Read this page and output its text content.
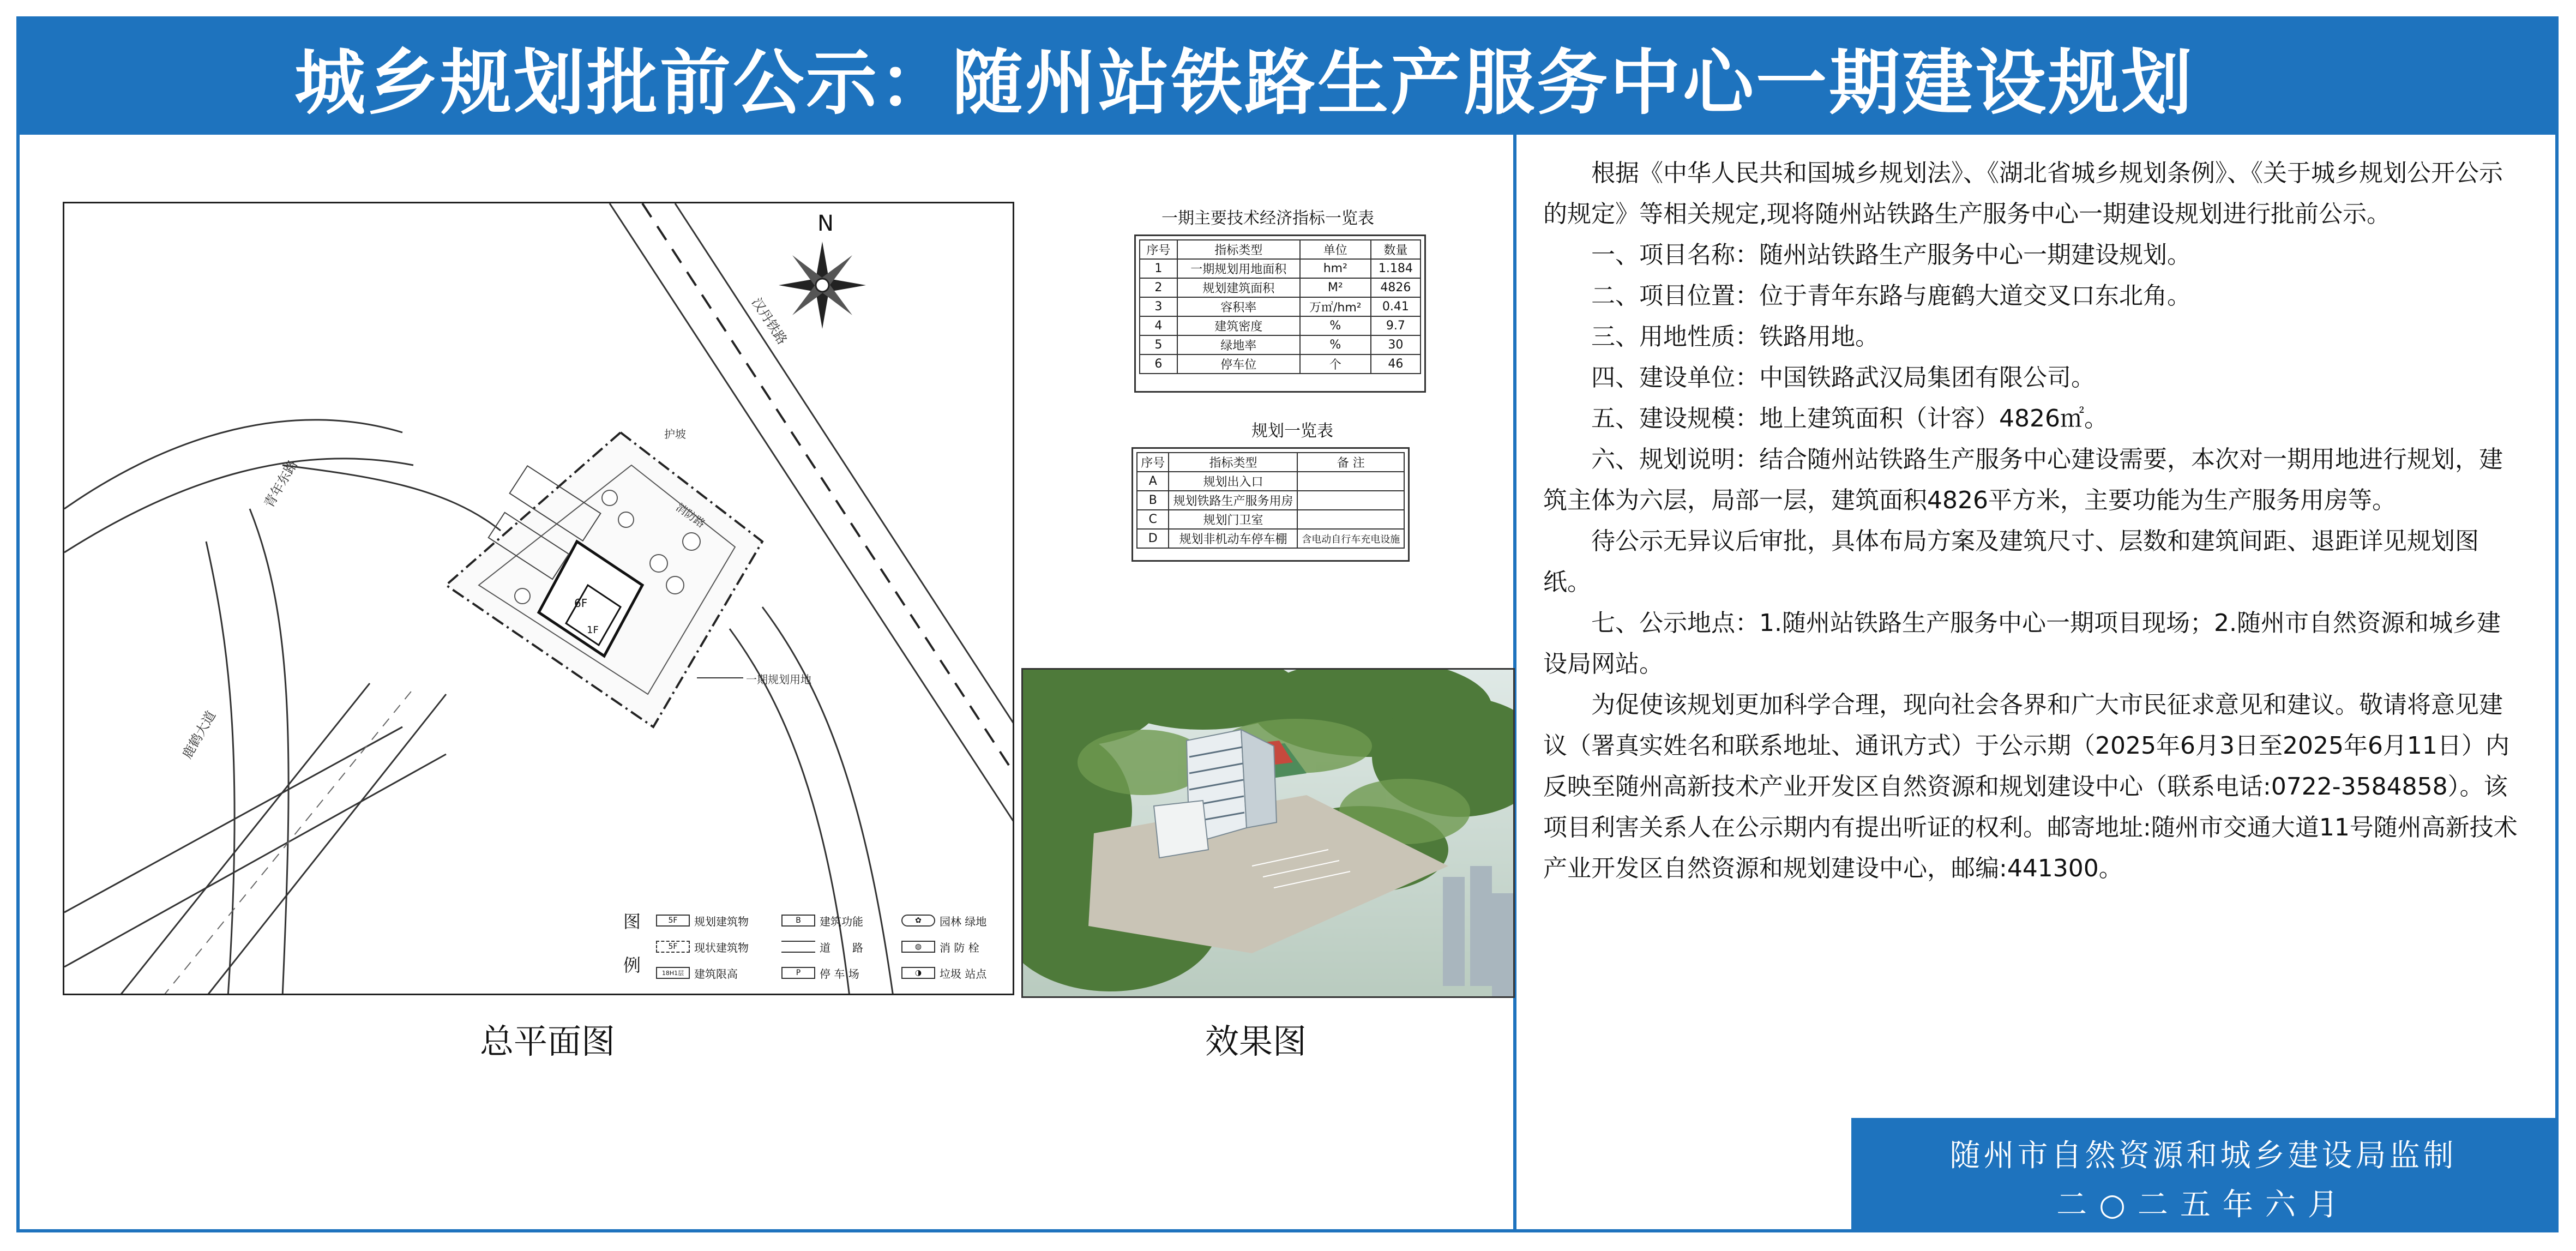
城乡规划批前公示：随州站铁路生产服务中心一期建设规划
N
青年东路
汉丹铁路
鹿鹤大道
消防路
一期规划用地
护坡
6F
1F
图
例
5F	规划建筑物
5F	现状建筑物
18H1层 建筑限高
B	建筑功能
道　　路
P	停 车 场
✿	园林 绿地
◍	消 防 栓
◑	垃圾 站点
总平面图
一期主要技术经济指标一览表
序号	指标类型	单位	数量
1	一期规划用地面积	hm²	1.184
2	规划建筑面积	M²	4826
3	容积率	万㎡/hm²	0.41
4	建筑密度	%	9.7
5	绿地率	%	30
6	停车位	个	46
规划一览表
序号	指标类型	备 注
A	规划出入口	
B	规划铁路生产服务用房	
C	规划门卫室	
D	规划非机动车停车棚	含电动自行车充电设施
效果图

根据《中华人民共和国城乡规划法》、《湖北省城乡规划条例》、《关于城乡规划公开公示的规定》等相关规定,现将随州站铁路生产服务中心一期建设规划进行批前公示。

一、项目名称：随州站铁路生产服务中心一期建设规划。

二、项目位置：位于青年东路与鹿鹤大道交叉口东北角。

三、用地性质：铁路用地。

四、建设单位：中国铁路武汉局集团有限公司。

五、建设规模：地上建筑面积（计容）4826㎡。

六、规划说明：结合随州站铁路生产服务中心建设需要，本次对一期用地进行规划，建筑主体为六层，局部一层，建筑面积4826平方米，主要功能为生产服务用房等。

待公示无异议后审批，具体布局方案及建筑尺寸、层数和建筑间距、退距详见规划图纸。

七、公示地点：1.随州站铁路生产服务中心一期项目现场；2.随州市自然资源和城乡建设局网站。

为促使该规划更加科学合理，现向社会各界和广大市民征求意见和建议。敬请将意见建议（署真实姓名和联系地址、通讯方式）于公示期（2025年6月3日至2025年6月11日）内反映至随州高新技术产业开发区自然资源和规划建设中心（联系电话:0722-3584858）。该项目利害关系人在公示期内有提出听证的权利。邮寄地址:随州市交通大道11号随州高新技术产业开发区自然资源和规划建设中心，邮编:441300。

随州市自然资源和城乡建设局监制
二○二五年六月
